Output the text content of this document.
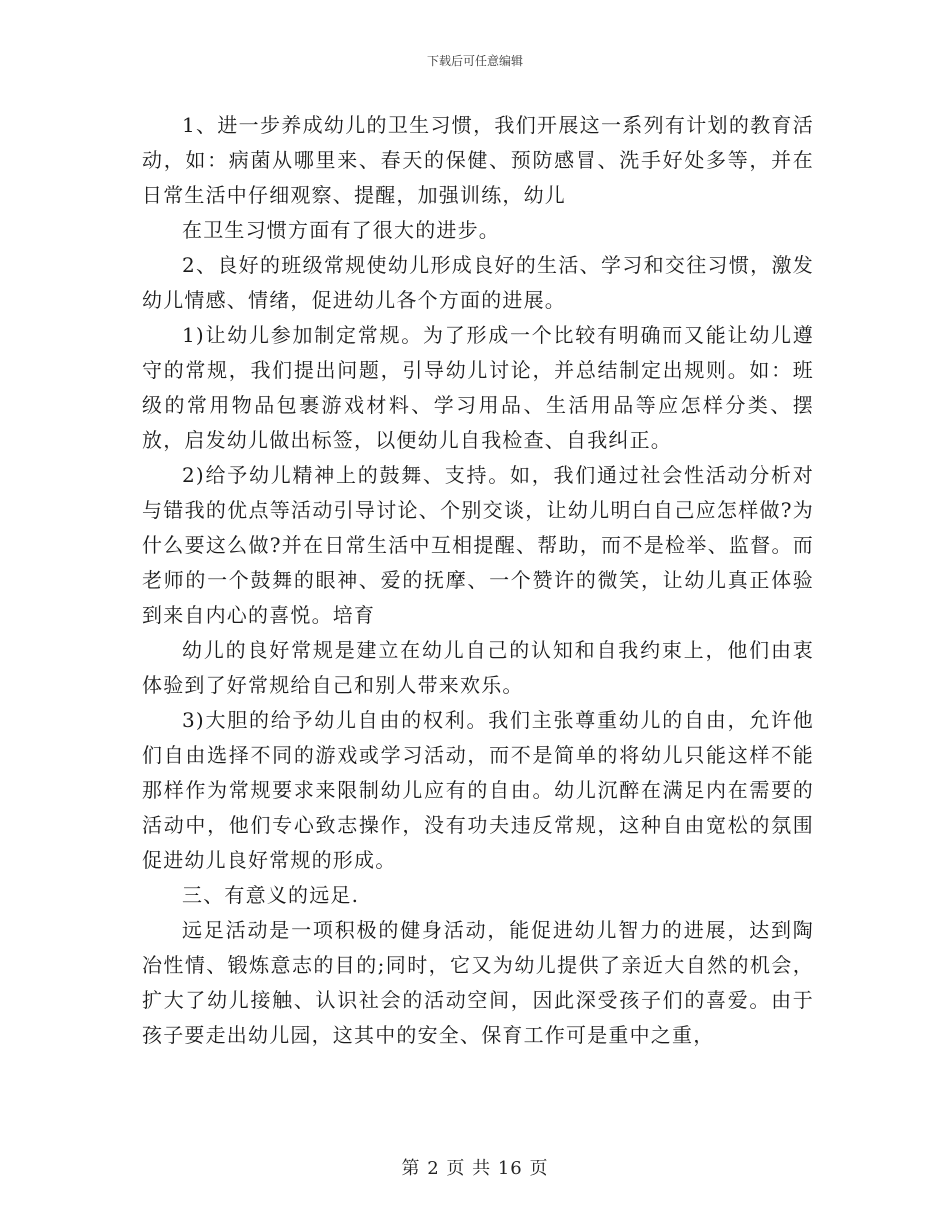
下载后可任意编辑

1、进一步养成幼儿的卫生习惯，我们开展这一系列有计划的教育活动，如：病菌从哪里来、春天的保健、预防感冒、洗手好处多等，并在日常生活中仔细观察、提醒，加强训练，幼儿

在卫生习惯方面有了很大的进步。

2、良好的班级常规使幼儿形成良好的生活、学习和交往习惯，激发幼儿情感、情绪，促进幼儿各个方面的进展。

1)让幼儿参加制定常规。为了形成一个比较有明确而又能让幼儿遵守的常规，我们提出问题，引导幼儿讨论，并总结制定出规则。如：班级的常用物品包裹游戏材料、学习用品、生活用品等应怎样分类、摆放，启发幼儿做出标签，以便幼儿自我检查、自我纠正。

2)给予幼儿精神上的鼓舞、支持。如，我们通过社会性活动分析对与错我的优点等活动引导讨论、个别交谈，让幼儿明白自己应怎样做?为什么要这么做?并在日常生活中互相提醒、帮助，而不是检举、监督。而老师的一个鼓舞的眼神、爱的抚摩、一个赞许的微笑，让幼儿真正体验到来自内心的喜悦。培育

幼儿的良好常规是建立在幼儿自己的认知和自我约束上，他们由衷体验到了好常规给自己和别人带来欢乐。

3)大胆的给予幼儿自由的权利。我们主张尊重幼儿的自由，允许他们自由选择不同的游戏或学习活动，而不是简单的将幼儿只能这样不能那样作为常规要求来限制幼儿应有的自由。幼儿沉醉在满足内在需要的活动中，他们专心致志操作，没有功夫违反常规，这种自由宽松的氛围促进幼儿良好常规的形成。

三、有意义的远足.

远足活动是一项积极的健身活动，能促进幼儿智力的进展，达到陶冶性情、锻炼意志的目的;同时，它又为幼儿提供了亲近大自然的机会，扩大了幼儿接触、认识社会的活动空间，因此深受孩子们的喜爱。由于孩子要走出幼儿园，这其中的安全、保育工作可是重中之重，

第 2 页 共 16 页
